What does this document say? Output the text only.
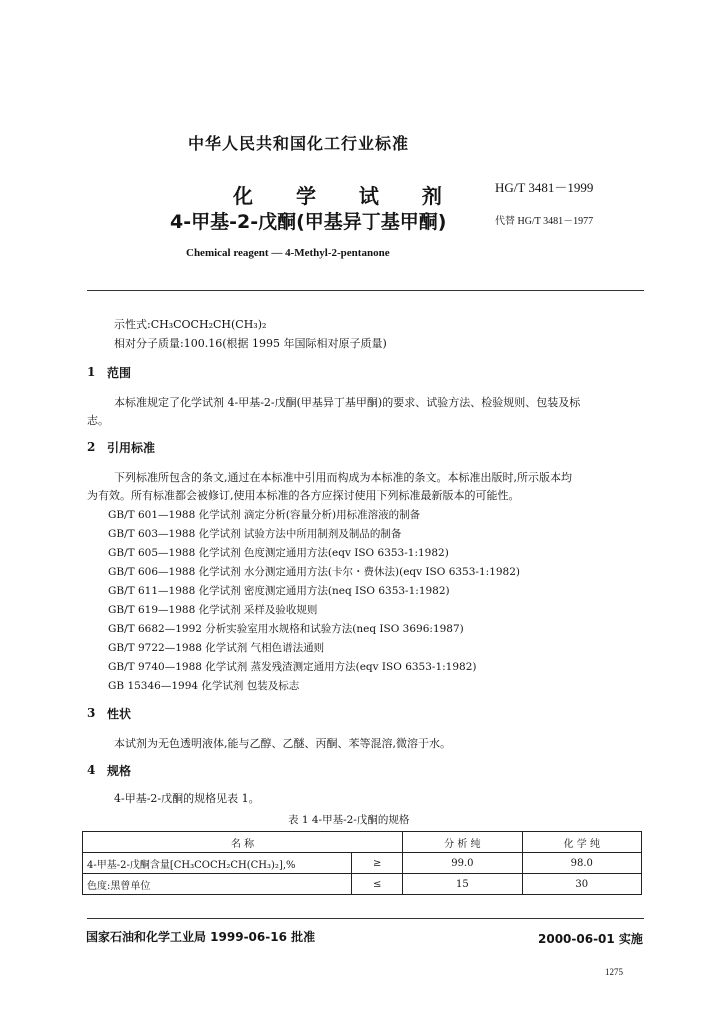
中华人民共和国化工行业标准
化 学 试 剂
4-甲基-2-戊酮(甲基异丁基甲酮)
Chemical reagent — 4-Methyl-2-pentanone
HG/T 3481－1999
代替 HG/T 3481－1977
示性式:CH₃COCH₂CH(CH₃)₂
相对分子质量:100.16(根据 1995 年国际相对原子质量)
1 范围
本标准规定了化学试剂 4-甲基-2-戊酮(甲基异丁基甲酮)的要求、试验方法、检验规则、包装及标
志。
2 引用标准
下列标准所包含的条文,通过在本标准中引用而构成为本标准的条文。本标准出版时,所示版本均
为有效。所有标准都会被修订,使用本标准的各方应探讨使用下列标准最新版本的可能性。
GB/T 601—1988 化学试剂 滴定分析(容量分析)用标准溶液的制备
GB/T 603—1988 化学试剂 试验方法中所用制剂及制品的制备
GB/T 605—1988 化学试剂 色度测定通用方法(eqv ISO 6353-1:1982)
GB/T 606—1988 化学试剂 水分测定通用方法(卡尔・费休法)(eqv ISO 6353-1:1982)
GB/T 611—1988 化学试剂 密度测定通用方法(neq ISO 6353-1:1982)
GB/T 619—1988 化学试剂 采样及验收规则
GB/T 6682—1992 分析实验室用水规格和试验方法(neq ISO 3696:1987)
GB/T 9722—1988 化学试剂 气相色谱法通则
GB/T 9740—1988 化学试剂 蒸发残渣测定通用方法(eqv ISO 6353-1:1982)
GB 15346—1994 化学试剂 包装及标志
3 性状
本试剂为无色透明液体,能与乙醇、乙醚、丙酮、苯等混溶,微溶于水。
4 规格
4-甲基-2-戊酮的规格见表 1。
表 1 4-甲基-2-戊酮的规格
名 称		分 析 纯	化 学 纯
4-甲基-2-戊酮含量[CH₃COCH₂CH(CH₃)₂],%	≥	99.0	98.0
色度:黑曾单位	≤	15	30
国家石油和化学工业局 1999-06-16 批准	2000-06-01 实施
1275
